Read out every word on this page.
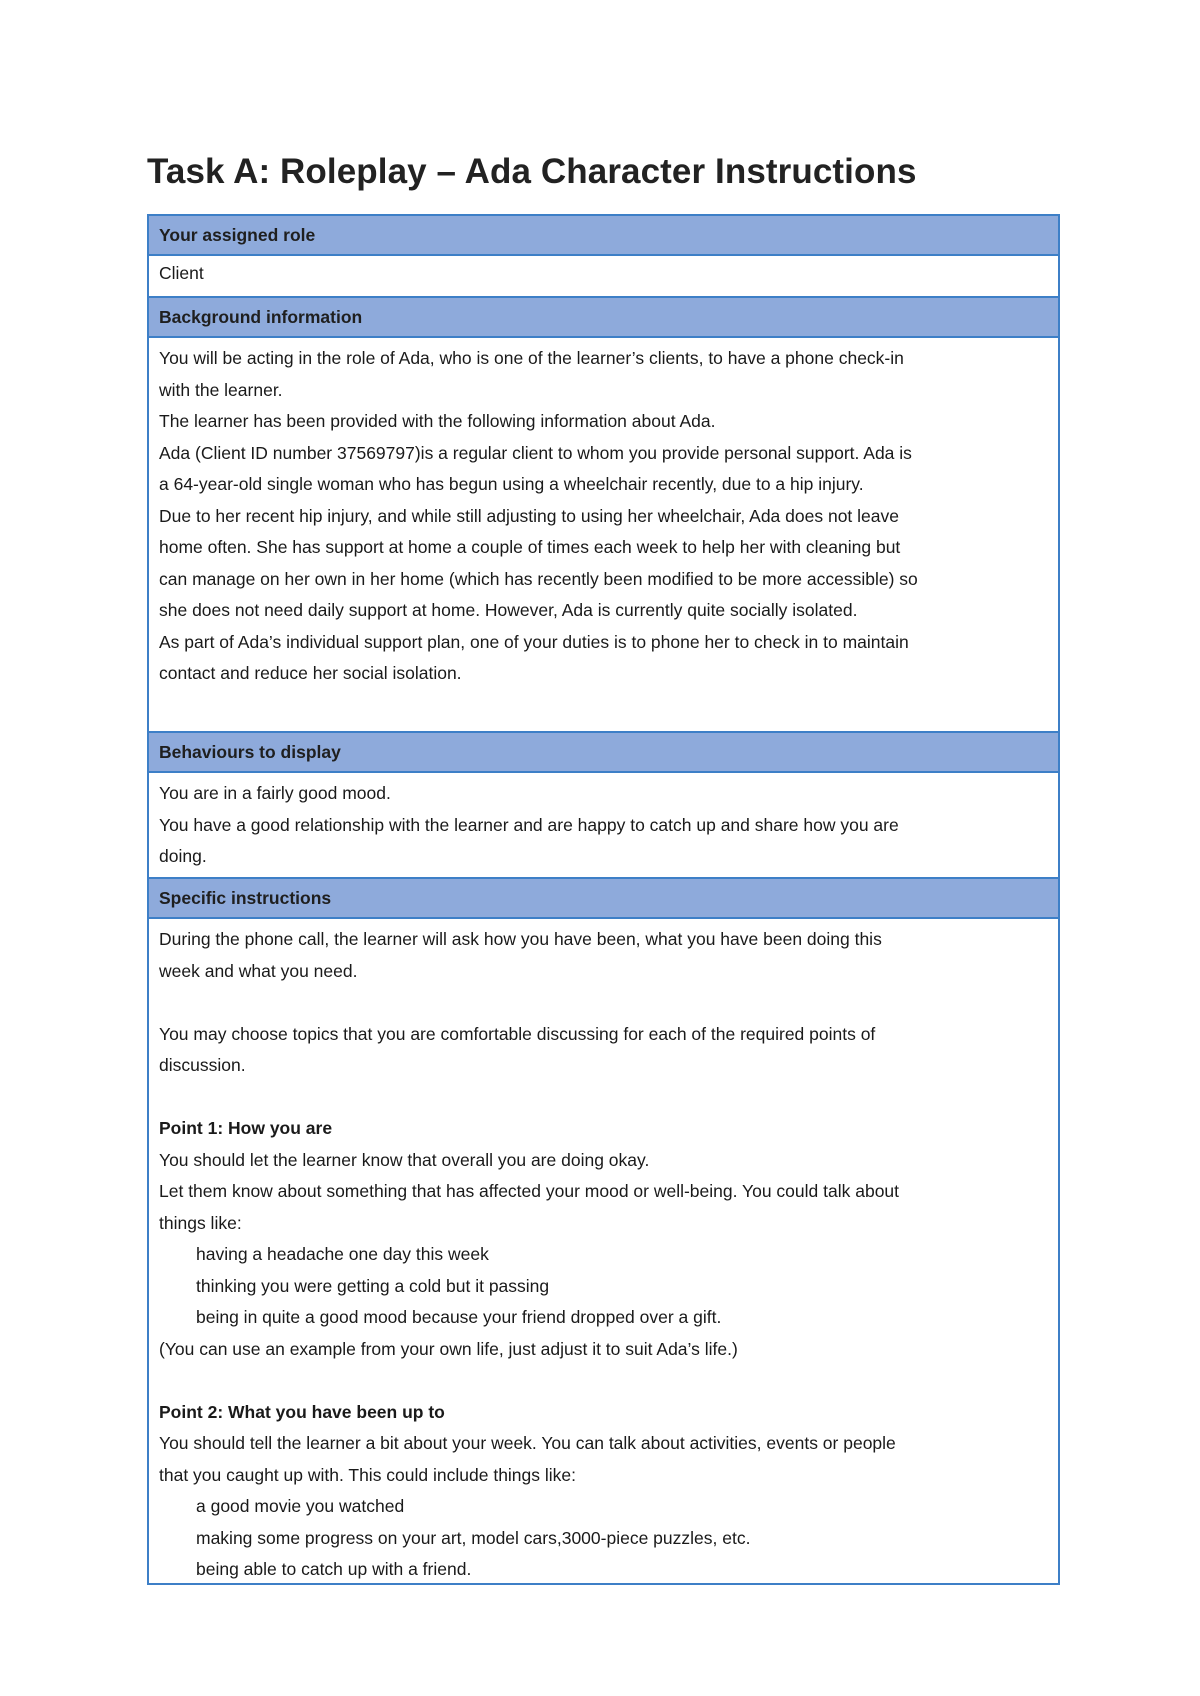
Task A: Roleplay – Ada Character Instructions
Your assigned role
Client
Background information
You will be acting in the role of Ada, who is one of the learner’s clients, to have a phone check-in
with the learner.
The learner has been provided with the following information about Ada.
Ada (Client ID number 37569797)is a regular client to whom you provide personal support. Ada is
a 64-year-old single woman who has begun using a wheelchair recently, due to a hip injury.
Due to her recent hip injury, and while still adjusting to using her wheelchair, Ada does not leave
home often. She has support at home a couple of times each week to help her with cleaning but
can manage on her own in her home (which has recently been modified to be more accessible) so
she does not need daily support at home. However, Ada is currently quite socially isolated.
As part of Ada’s individual support plan, one of your duties is to phone her to check in to maintain
contact and reduce her social isolation.
Behaviours to display
You are in a fairly good mood.
You have a good relationship with the learner and are happy to catch up and share how you are
doing.
Specific instructions
During the phone call, the learner will ask how you have been, what you have been doing this
week and what you need.
You may choose topics that you are comfortable discussing for each of the required points of
discussion.
Point 1: How you are
You should let the learner know that overall you are doing okay.
Let them know about something that has affected your mood or well-being. You could talk about
things like:
having a headache one day this week
thinking you were getting a cold but it passing
being in quite a good mood because your friend dropped over a gift.
(You can use an example from your own life, just adjust it to suit Ada’s life.)
Point 2: What you have been up to
You should tell the learner a bit about your week. You can talk about activities, events or people
that you caught up with. This could include things like:
a good movie you watched
making some progress on your art, model cars,3000-piece puzzles, etc.
being able to catch up with a friend.
